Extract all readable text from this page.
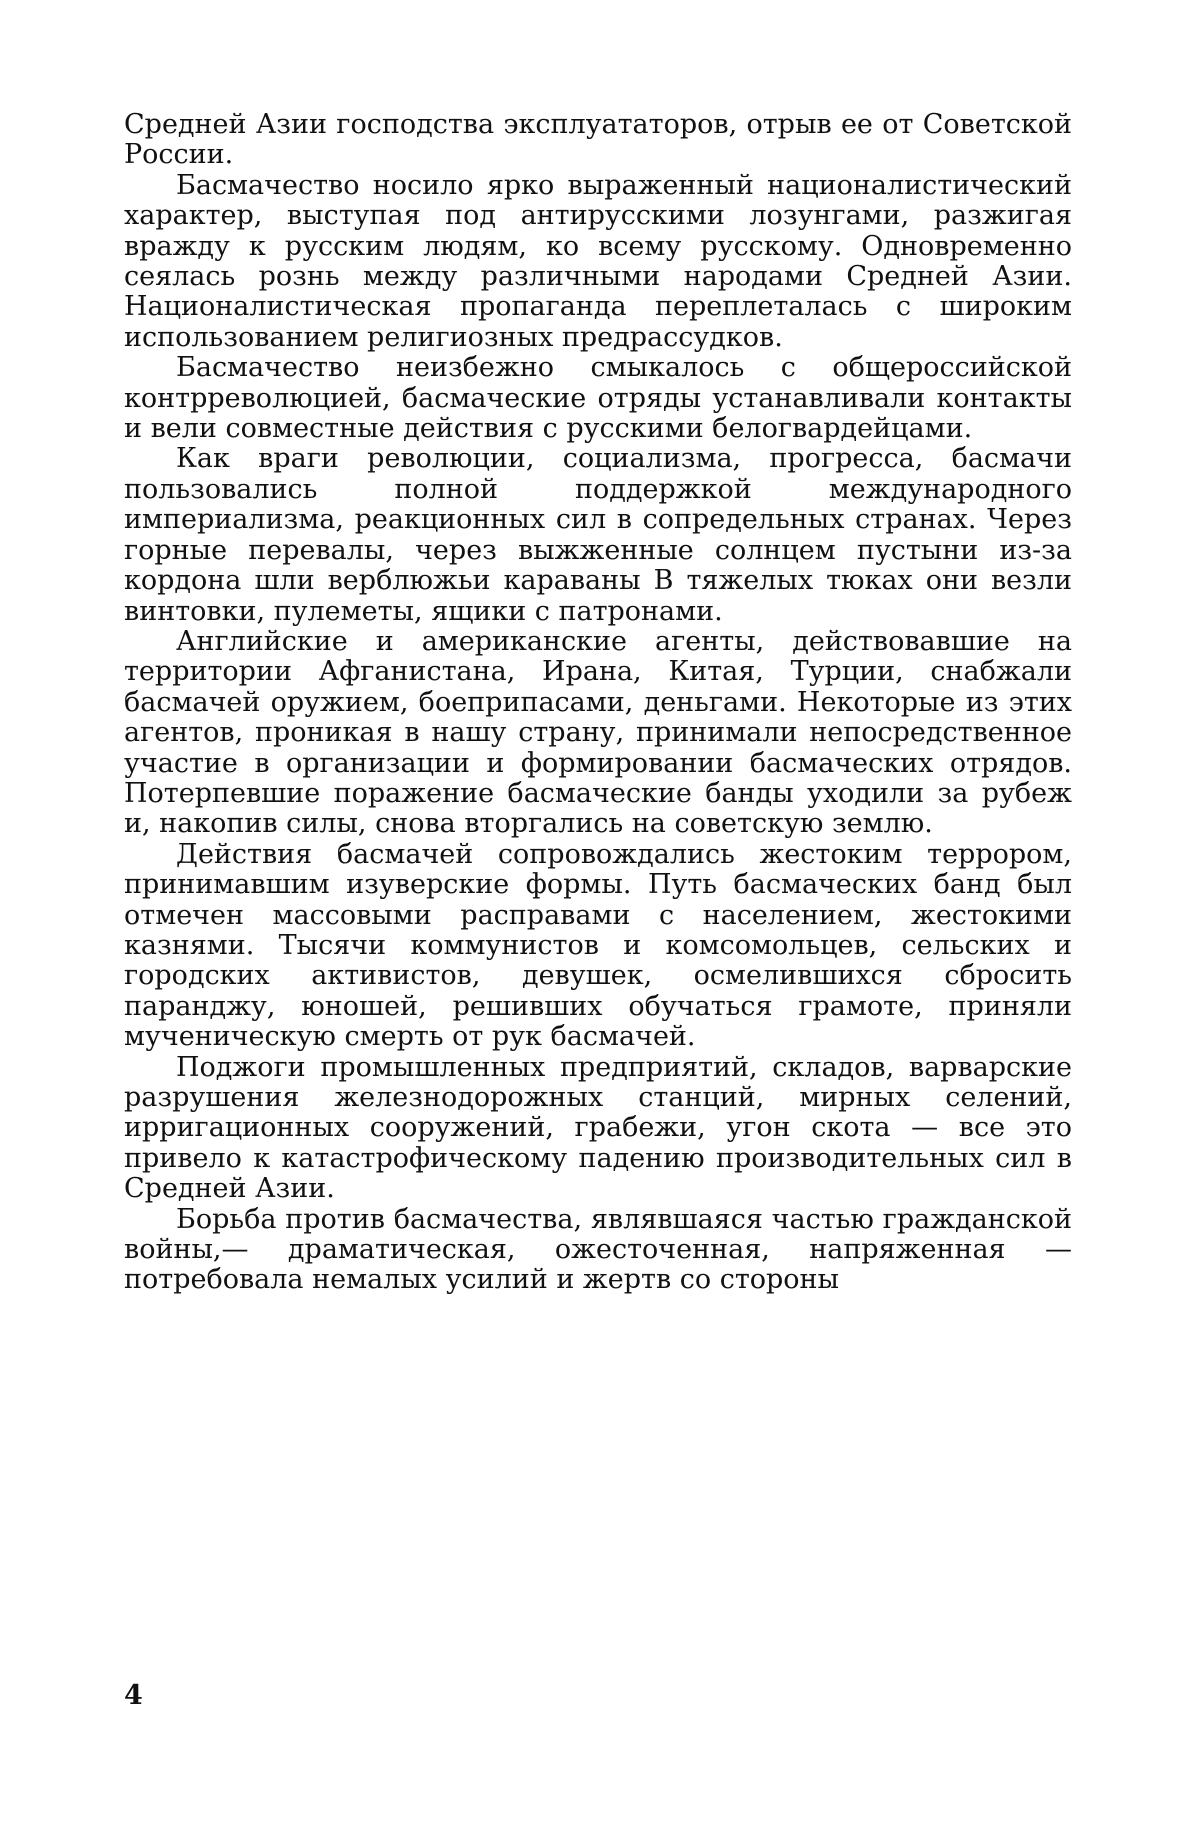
Средней Азии господства эксплуататоров, отрыв ее от Советской России.

Басмачество носило ярко выраженный националистический характер, выступая под антирусскими лозунгами, разжигая вражду к русским людям, ко всему русскому. Одновременно сеялась рознь между различными народами Средней Азии. Националистическая пропаганда переплеталась с широким использованием религиозных предрассудков.

Басмачество неизбежно смыкалось с общероссийской контрреволюцией, басмаческие отряды устанавливали контакты и вели совместные действия с русскими белогвардейцами.

Как враги революции, социализма, прогресса, басмачи пользовались полной поддержкой международного империализма, реакционных сил в сопредельных странах. Через горные перевалы, через выжженные солнцем пустыни из-за кордона шли верблюжьи караваны В тяжелых тюках они везли винтовки, пулеметы, ящики с патронами.

Английские и американские агенты, действовавшие на территории Афганистана, Ирана, Китая, Турции, снабжали басмачей оружием, боеприпасами, деньгами. Некоторые из этих агентов, проникая в нашу страну, принимали непосредственное участие в организации и формировании басмаческих отрядов. Потерпевшие поражение басмаческие банды уходили за рубеж и, накопив силы, снова вторгались на советскую землю.

Действия басмачей сопровождались жестоким террором, принимавшим изуверские формы. Путь басмаческих банд был отмечен массовыми расправами с населением, жестокими казнями. Тысячи коммунистов и комсомольцев, сельских и городских активистов, девушек, осмелившихся сбросить паранджу, юношей, решивших обучаться грамоте, приняли мученическую смерть от рук басмачей.

Поджоги промышленных предприятий, складов, варварские разрушения железнодорожных станций, мирных селений, ирригационных сооружений, грабежи, угон скота — все это привело к катастрофическому падению производительных сил в Средней Азии.

Борьба против басмачества, являвшаяся частью гражданской войны,— драматическая, ожесточенная, напряженная — потребовала немалых усилий и жертв со стороны

4
